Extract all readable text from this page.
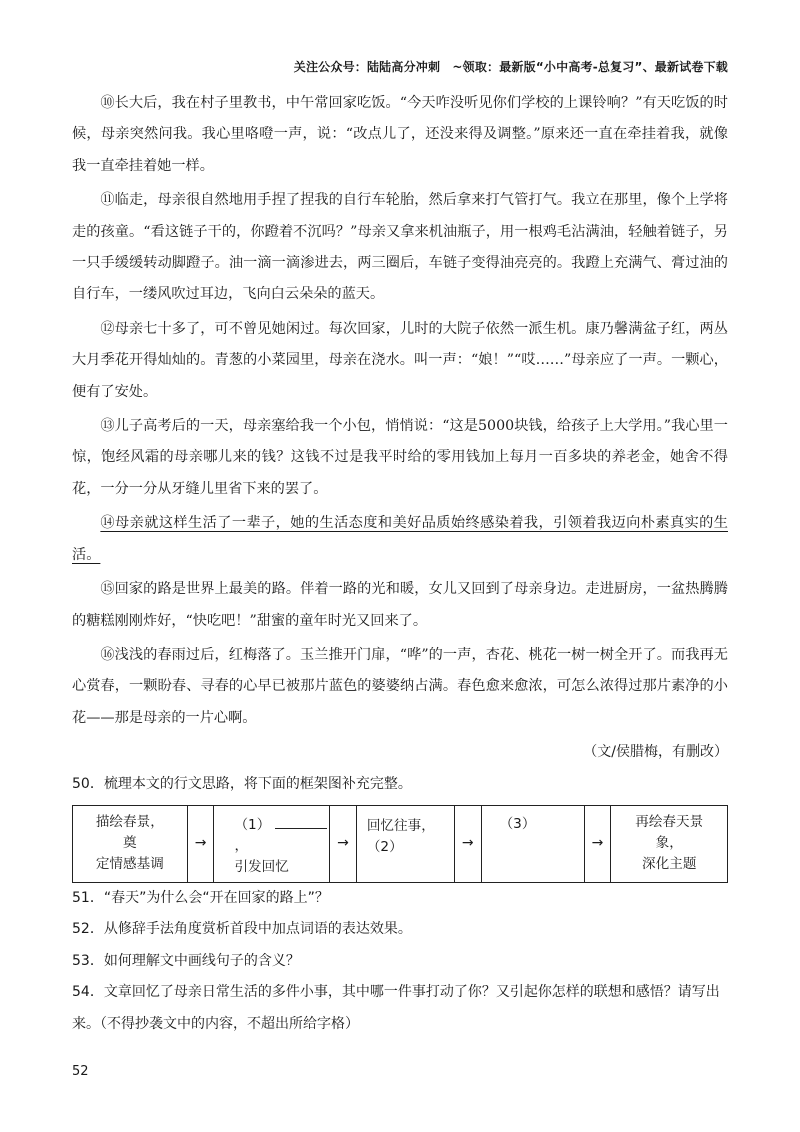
关注公众号：陆陆高分冲刺　~领取：最新版“小中高考-总复习”、最新试卷下载

⑩长大后，我在村子里教书，中午常回家吃饭。“今天咋没听见你们学校的上课铃响？”有天吃饭的时候，母亲突然问我。我心里咯噔一声，说：“改点儿了，还没来得及调整。”原来还一直在牵挂着我，就像我一直牵挂着她一样。

⑪临走，母亲很自然地用手捏了捏我的自行车轮胎，然后拿来打气管打气。我立在那里，像个上学将走的孩童。“看这链子干的，你蹬着不沉吗？”母亲又拿来机油瓶子，用一根鸡毛沾满油，轻触着链子，另一只手缓缓转动脚蹬子。油一滴一滴渗进去，两三圈后，车链子变得油亮亮的。我蹬上充满气、膏过油的自行车，一缕风吹过耳边，飞向白云朵朵的蓝天。

⑫母亲七十多了，可不曾见她闲过。每次回家，儿时的大院子依然一派生机。康乃馨满盆子红，两丛大月季花开得灿灿的。青葱的小菜园里，母亲在浇水。叫一声：“娘！”“哎……”母亲应了一声。一颗心，便有了安处。

⑬儿子高考后的一天，母亲塞给我一个小包，悄悄说：“这是5000块钱，给孩子上大学用。”我心里一惊，饱经风霜的母亲哪儿来的钱？这钱不过是我平时给的零用钱加上每月一百多块的养老金，她舍不得花，一分一分从牙缝儿里省下来的罢了。

⑭母亲就这样生活了一辈子，她的生活态度和美好品质始终感染着我，引领着我迈向朴素真实的生活。

⑮回家的路是世界上最美的路。伴着一路的光和暖，女儿又回到了母亲身边。走进厨房，一盆热腾腾的糖糕刚刚炸好，“快吃吧！”甜蜜的童年时光又回来了。

⑯浅浅的春雨过后，红梅落了。玉兰推开门扉，“哗”的一声，杏花、桃花一树一树全开了。而我再无心赏春，一颗盼春、寻春的心早已被那片蓝色的婆婆纳占满。春色愈来愈浓，可怎么浓得过那片素净的小花——那是母亲的一片心啊。

（文/侯腊梅，有删改）

50．梳理本文的行文思路，将下面的框架图补充完整。

描绘春景，
奠
定情感基调
→
（1） ，
引发回忆
→
回忆往事，
（2）	→
（3）
→
再绘春天景
象，
深化主题

51．“春天”为什么会“开在回家的路上”？

52．从修辞手法角度赏析首段中加点词语的表达效果。

53．如何理解文中画线句子的含义？

54．文章回忆了母亲日常生活的多件小事，其中哪一件事打动了你？又引起你怎样的联想和感悟？请写出

来。（不得抄袭文中的内容，不超出所给字格）

52
